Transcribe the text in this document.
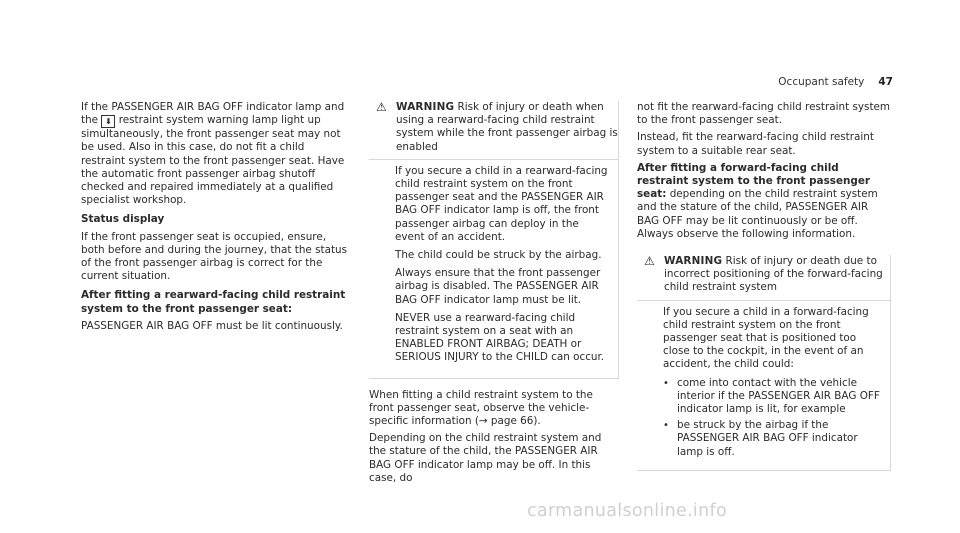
Occupant safety 47

If the PASSENGER AIR BAG OFF indicator lamp and the ⬇ restraint system warning lamp light up simultaneously, the front passenger seat may not be used. Also in this case, do not fit a child restraint system to the front passenger seat. Have the automatic front passenger airbag shutoff checked and repaired immediately at a qualified specialist workshop.

Status display

If the front passenger seat is occupied, ensure, both before and during the journey, that the status of the front passenger airbag is correct for the current situation.

After fitting a rearward-facing child restraint system to the front passenger seat:

PASSENGER AIR BAG OFF must be lit continuously.

⚠ WARNING Risk of injury or death when using a rearward-facing child restraint system while the front passenger airbag is enabled

If you secure a child in a rearward-facing child restraint system on the front passenger seat and the PASSENGER AIR BAG OFF indicator lamp is off, the front passenger airbag can deploy in the event of an accident.

The child could be struck by the airbag.

Always ensure that the front passenger airbag is disabled. The PASSENGER AIR BAG OFF indicator lamp must be lit.

NEVER use a rearward-facing child restraint system on a seat with an ENABLED FRONT AIRBAG; DEATH or SERIOUS INJURY to the CHILD can occur.

When fitting a child restraint system to the front passenger seat, observe the vehicle-specific information (→ page 66).

Depending on the child restraint system and the stature of the child, the PASSENGER AIR BAG OFF indicator lamp may be off. In this case, do

not fit the rearward-facing child restraint system to the front passenger seat.

Instead, fit the rearward-facing child restraint system to a suitable rear seat.

After fitting a forward-facing child restraint system to the front passenger seat: depending on the child restraint system and the stature of the child, PASSENGER AIR BAG OFF may be lit continuously or be off. Always observe the following information.

⚠ WARNING Risk of injury or death due to incorrect positioning of the forward-facing child restraint system

If you secure a child in a forward-facing child restraint system on the front passenger seat that is positioned too close to the cockpit, in the event of an accident, the child could:

• come into contact with the vehicle interior if the PASSENGER AIR BAG OFF indicator lamp is lit, for example
• be struck by the airbag if the PASSENGER AIR BAG OFF indicator lamp is off.
carmanualsonline.info
